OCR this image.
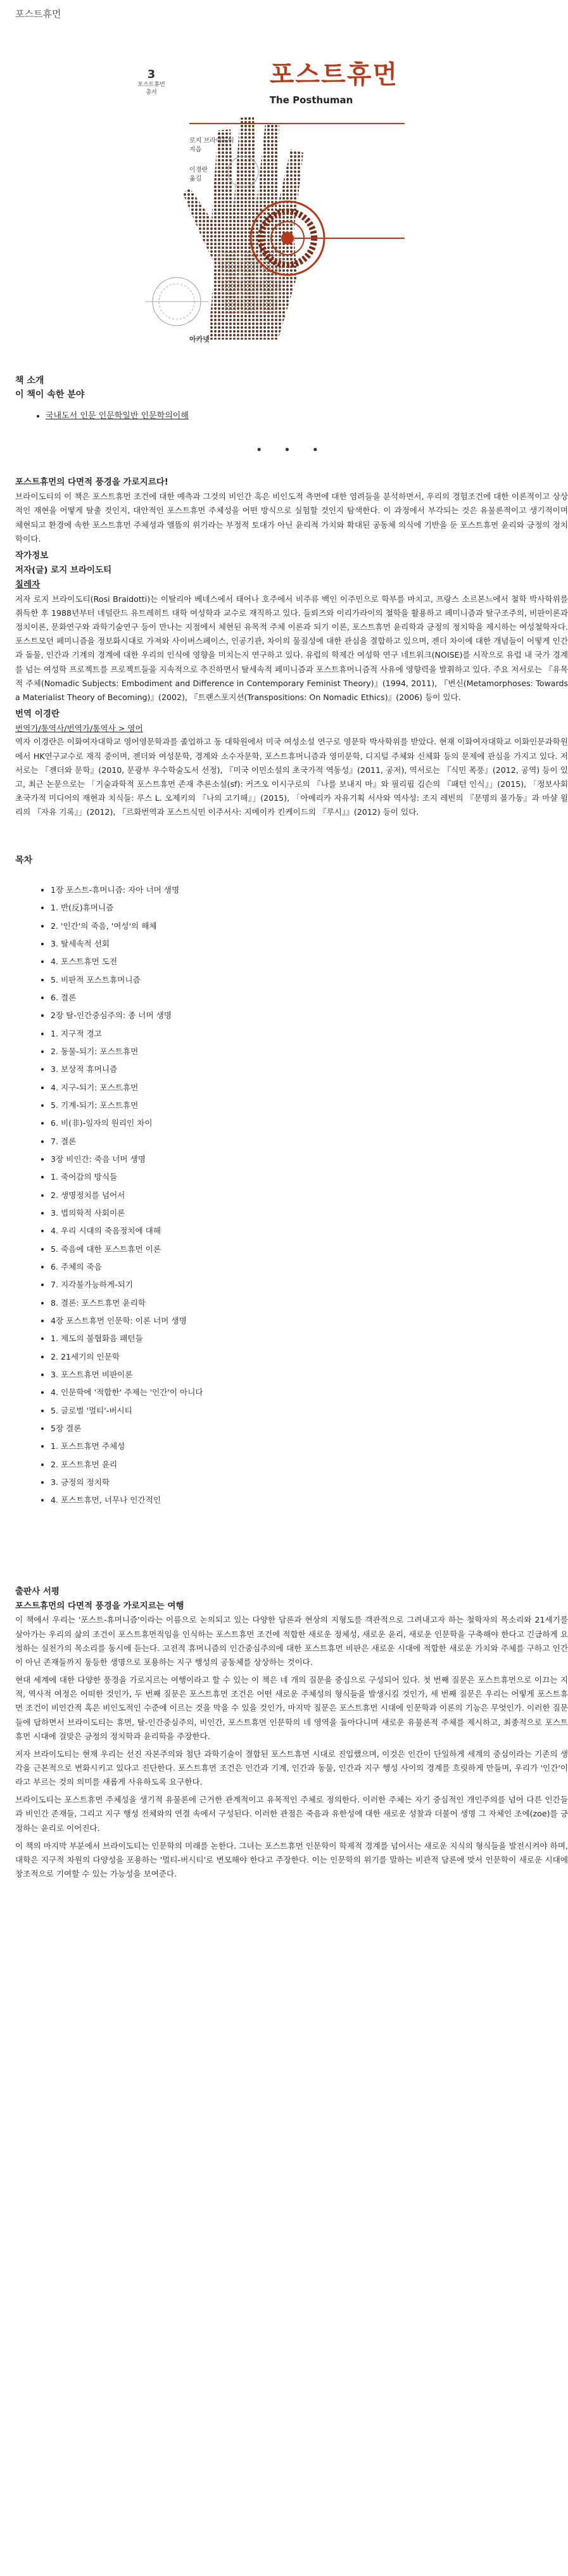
포스트휴먼
3
포스트휴먼
총서
포스트휴먼
The Posthuman
로지 브라이도티
지음
이경란
옮김
아카넷
책 소개
이 책이 속한 분야
• 국내도서 인문 인문학일반 인문학의이해
• • •
포스트휴먼의 다면적 풍경을 가로지르다!

브라이도티의 이 책은 포스트휴먼 조건에 대한 예측과 그것의 비인간 혹은 비인도적 측면에 대한 염려들을 분석하면서, 우리의 경험조건에 대한 이론적이고 상상적인 재현을 어떻게 탈출 것인지, 대안적인 포스트휴먼 주체성을 어떤 방식으로 실험할 것인지 탐색한다. 이 과정에서 부각되는 것은 유물론적이고 생기적이며 체현되고 환경에 속한 포스트휴먼 주체성과 앨뜸의 위기라는 부정적 토대가 아닌 윤리적 가치와 확대된 공동체 의식에 기반을 둔 포스트휴먼 윤리와 긍정의 정치학이다.

작가정보
저자(글) 로지 브라이도티
칠레자

저자 로지 브라이도티(Rosi Braidotti)는 이탈리아 베네스에서 태어나 호주에서 비주류 백인 이주민으로 학부를 마치고, 프랑스 소르본느에서 철학 박사학위를 취득한 후 1988년부터 네덜란드 유트레히트 대학 여성학과 교수로 재직하고 있다. 들뢰즈와 이리가라이의 철학을 활용하고 페미니즘과 탈구조주의, 비판이론과 정치이론, 문화연구와 과학기술연구 등이 만나는 지점에서 체현된 유목적 주체 이론과 되기 이론, 포스트휴먼 윤리학과 긍정의 정치학을 제시하는 여성철학자다. 포스트모던 페미니즘을 정보화시대로 가져와 사이버스페이스, 인공기관, 차이의 물질성에 대한 관심을 결합하고 있으며, 젠더 차이에 대한 개념들이 어떻게 인간과 돌물, 인간과 기계의 경계에 대한 우리의 인식에 영향을 미치는지 연구하고 있다. 유럽의 학제간 여성학 연구 네트워크(NOISE)를 시작으로 유럽 내 국가 경계를 넘는 여성학 프로젝트를 프로젝트들을 지속적으로 추진하면서 탈세속적 페미니즘과 포스트휴머니즘적 사유에 영향력을 발휘하고 있다. 주요 저서로는 『유목적 주체(Nomadic Subjects: Embodiment and Difference in Contemporary Feminist Theory)』(1994, 2011), 『변신(Metamorphoses: Towards a Materialist Theory of Becoming)』(2002), 『트랜스포지션(Transpositions: On Nomadic Ethics)』(2006) 등이 있다.

번역 이경란
번역가/통역사/번역가/통역사 > 영어

역자 이경란은 이화여자대학교 영어영문학과를 졸업하고 동 대학원에서 미국 여성소설 연구로 영문학 박사학위를 받았다. 현재 이화여자대학교 이화인문과학원에서 HK연구교수로 재직 중이며, 젠더와 여성문학, 경계와 소수자문학, 포스트휴머니즘과 영미문학, 디지털 주체와 신체화 등의 문제에 관심을 가지고 있다. 저서로는 『젠더와 문학』(2010, 문광부 우수학술도서 선정), 『미국 이민소설의 초국가적 역동성』(2011, 공저), 역서로는 『식민 폭풍』(2012, 공역) 등이 있고, 최근 논문으로는 「기술과학적 포스트휴먼 존재 추론소설(sf): 커즈오 이시구로의 『나를 보내지 마』와 필리핍 김슨의 『패턴 인식』」(2015), 「정보사회 초국가적 미디어의 재현과 치식들: 루스 L. 오제키의 『나의 고기해』」(2015), 「아메리카 자유기획 서사와 역사성: 조지 레빈의 『문명의 몰가동』과 마샬 윌리의 『자유 기록』」(2012), 『르화번역과 포스트식민 이주서사: 지메이카 킨케이드의 『루시』』(2012) 등이 있다.

목차
• 1장 포스트-휴머니즘: 자아 너머 생명
• 1. 반(反)휴머니즘
• 2. '인간'의 죽음, '여성'의 해체
• 3. 탈세속적 선회
• 4. 포스트휴먼 도전
• 5. 비판적 포스트휴머니즘
• 6. 결론
• 2장 탈-인간중심주의: 종 너머 생명
• 1. 지구적 경고
• 2. 동물-되기: 포스트휴먼
• 3. 보상적 휴머니즘
• 4. 지구-되기: 포스트휴먼
• 5. 기계-되기: 포스트휴먼
• 6. 비(非)-일자의 원리인 차이
• 7. 결론
• 3장 비인간: 죽음 너머 생명
• 1. 죽어감의 방식들
• 2. 생명정치를 넘어서
• 3. 법의학적 사회이론
• 4. 우리 시대의 죽음정치에 대해
• 5. 죽음에 대한 포스트휴먼 이론
• 6. 주체의 죽음
• 7. 지각불가능하게-되기
• 8. 결론: 포스트휴먼 윤리학
• 4장 포스트휴먼 인문학: 이론 너머 생명
• 1. 제도의 불협화음 패턴들
• 2. 21세기의 인문학
• 3. 포스트휴먼 비판이론
• 4. 인문학에 '적합한' 주제는 '인간'이 아니다
• 5. 글로벌 '멀티'-버시티
• 5장 결론
• 1. 포스트휴먼 주체성
• 2. 포스트휴먼 윤리
• 3. 긍정의 정치학
• 4. 포스트휴먼, 너무나 인간적인
출판사 서평
포스트휴먼의 다면적 풍경을 가로지르는 여행

이 책에서 우리는 '포스트-휴머니즘'이라는 이름으로 논의되고 있는 다양한 담론과 현상의 지형도를 객관적으로 그려내고자 하는 철학자의 목소리와 21세기를 살아가는 우리의 삶의 조건이 포스트휴먼적임을 인식하는 포스트휴먼 조건에 적합한 새로운 정체성, 새로운 윤리, 새로운 인문학을 구축해야 한다고 긴급하게 요청하는 실천가의 목소리를 동시에 듣는다. 고전적 휴머니즘의 인간중심주의에 대한 포스트휴먼 비판은 새로운 시대에 적합한 새로운 가치와 주체를 구하고 인간이 아닌 존재들까지 동등한 생명으로 포용하는 지구 행성의 공동체를 상상하는 것이다.

현대 세계에 대한 다양한 풍경을 가로지르는 여행이라고 할 수 있는 이 책은 네 개의 질문을 중심으로 구성되어 있다. 첫 번째 질문은 포스트휴먼으로 이끄는 지적, 역사적 여정은 어떠한 것인가, 두 번째 질문은 포스트휴먼 조건은 어떤 새로운 주체성의 형식들을 발생시킬 것인가, 세 번째 질문은 우리는 어떻게 포스트휴먼 조건이 비인간적 혹은 비인도적인 수준에 이르는 것을 막을 수 있을 것인가, 마지막 질문은 포스트휴먼 시대에 인문학과 이론의 기능은 무엇인가. 이러한 질문들에 답하면서 브라이도티는 휴먼, 탈-인간중심주의, 비인간, 포스트휴먼 인문학의 네 영역을 돌아다니며 새로운 유물론적 주체를 제시하고, 최종적으로 포스트휴먼 시대에 걸맞은 긍정의 정치학과 윤리학을 주장한다.

저자 브라이도티는 현재 우리는 선진 자본주의와 첨단 과학기술이 결합된 포스트휴먼 시대로 진입했으며, 이것은 인간이 단일하게 세계의 중심이라는 기존의 생각을 근본적으로 변화시키고 있다고 진단한다. 포스트휴먼 조건은 인간과 기계, 인간과 동물, 인간과 지구 행성 사이의 경계를 흐릿하게 만들며, 우리가 '인간'이라고 부르는 것의 의미를 새롭게 사유하도록 요구한다.

브라이도티는 포스트휴먼 주체성을 생기적 유물론에 근거한 관계적이고 유목적인 주체로 정의한다. 이러한 주체는 자기 중심적인 개인주의를 넘어 다른 인간들과 비인간 존재들, 그리고 지구 행성 전체와의 연결 속에서 구성된다. 이러한 관점은 죽음과 유한성에 대한 새로운 성찰과 더불어 생명 그 자체인 조에(zoe)를 긍정하는 윤리로 이어진다.

이 책의 마지막 부분에서 브라이도티는 인문학의 미래를 논한다. 그녀는 포스트휴먼 인문학이 학제적 경계를 넘어서는 새로운 지식의 형식들을 발전시켜야 하며, 대학은 지구적 차원의 다양성을 포용하는 '멀티-버시티'로 변모해야 한다고 주장한다. 이는 인문학의 위기를 말하는 비관적 담론에 맞서 인문학이 새로운 시대에 창조적으로 기여할 수 있는 가능성을 보여준다.
